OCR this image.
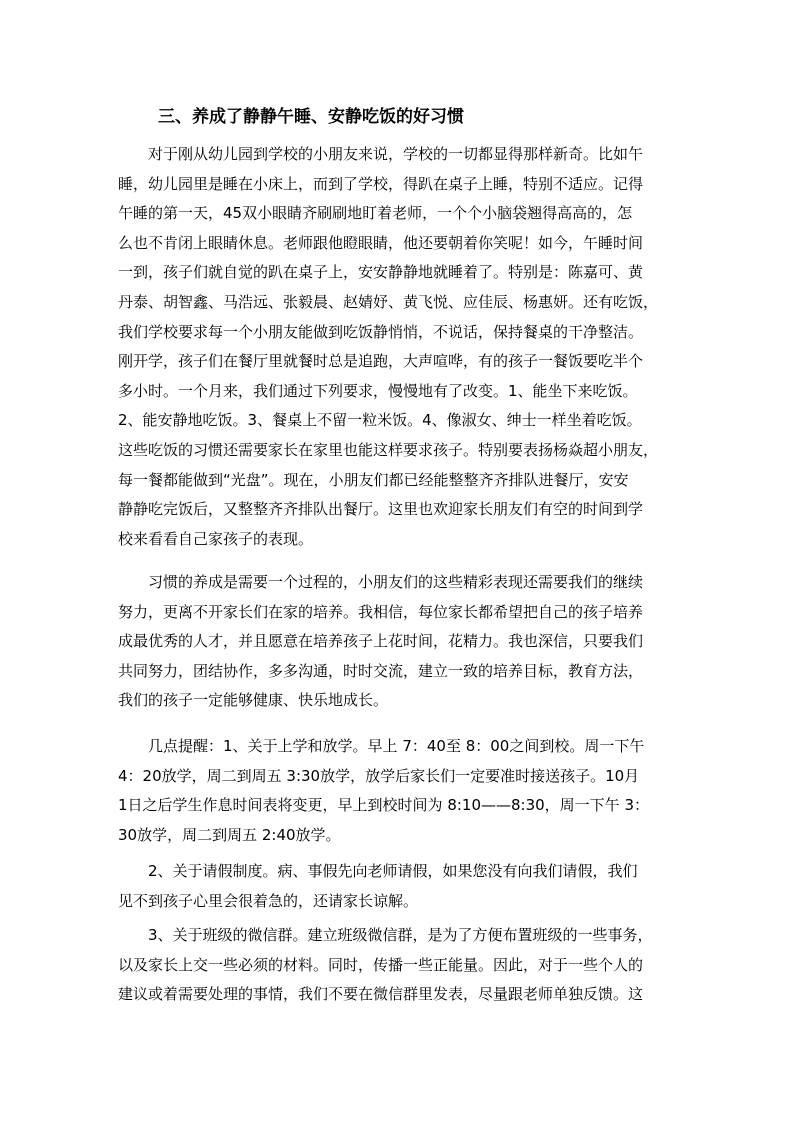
三、养成了静静午睡、安静吃饭的好习惯
对于刚从幼儿园到学校的小朋友来说，学校的一切都显得那样新奇。比如午
睡，幼儿园里是睡在小床上，而到了学校，得趴在桌子上睡，特别不适应。记得
午睡的第一天，45双小眼睛齐刷刷地盯着老师，一个个小脑袋翘得高高的，怎
么也不肯闭上眼睛休息。老师跟他瞪眼睛，他还要朝着你笑呢！如今，午睡时间
一到，孩子们就自觉的趴在桌子上，安安静静地就睡着了。特别是：陈嘉可、黄
丹泰、胡智鑫、马浩远、张毅晨、赵婧妤、黄飞悦、应佳辰、杨惠妍。还有吃饭，
我们学校要求每一个小朋友能做到吃饭静悄悄，不说话，保持餐桌的干净整洁。
刚开学，孩子们在餐厅里就餐时总是追跑，大声喧哗，有的孩子一餐饭要吃半个
多小时。一个月来，我们通过下列要求，慢慢地有了改变。1、能坐下来吃饭。
2、能安静地吃饭。3、餐桌上不留一粒米饭。4、像淑女、绅士一样坐着吃饭。
这些吃饭的习惯还需要家长在家里也能这样要求孩子。特别要表扬杨焱超小朋友，
每一餐都能做到“光盘”。现在，小朋友们都已经能整整齐齐排队进餐厅，安安
静静吃完饭后，又整整齐齐排队出餐厅。这里也欢迎家长朋友们有空的时间到学
校来看看自己家孩子的表现。
习惯的养成是需要一个过程的，小朋友们的这些精彩表现还需要我们的继续
努力，更离不开家长们在家的培养。我相信，每位家长都希望把自己的孩子培养
成最优秀的人才，并且愿意在培养孩子上花时间，花精力。我也深信，只要我们
共同努力，团结协作，多多沟通，时时交流，建立一致的培养目标，教育方法，
我们的孩子一定能够健康、快乐地成长。
几点提醒：1、关于上学和放学。早上 7：40至 8：00之间到校。周一下午
4：20放学，周二到周五 3:30放学，放学后家长们一定要准时接送孩子。10月
1日之后学生作息时间表将变更，早上到校时间为 8:10——8:30，周一下午 3：
30放学，周二到周五 2:40放学。
2、关于请假制度。病、事假先向老师请假，如果您没有向我们请假，我们
见不到孩子心里会很着急的，还请家长谅解。
3、关于班级的微信群。建立班级微信群，是为了方便布置班级的一些事务，
以及家长上交一些必须的材料。同时，传播一些正能量。因此，对于一些个人的
建议或着需要处理的事情，我们不要在微信群里发表，尽量跟老师单独反馈。这
